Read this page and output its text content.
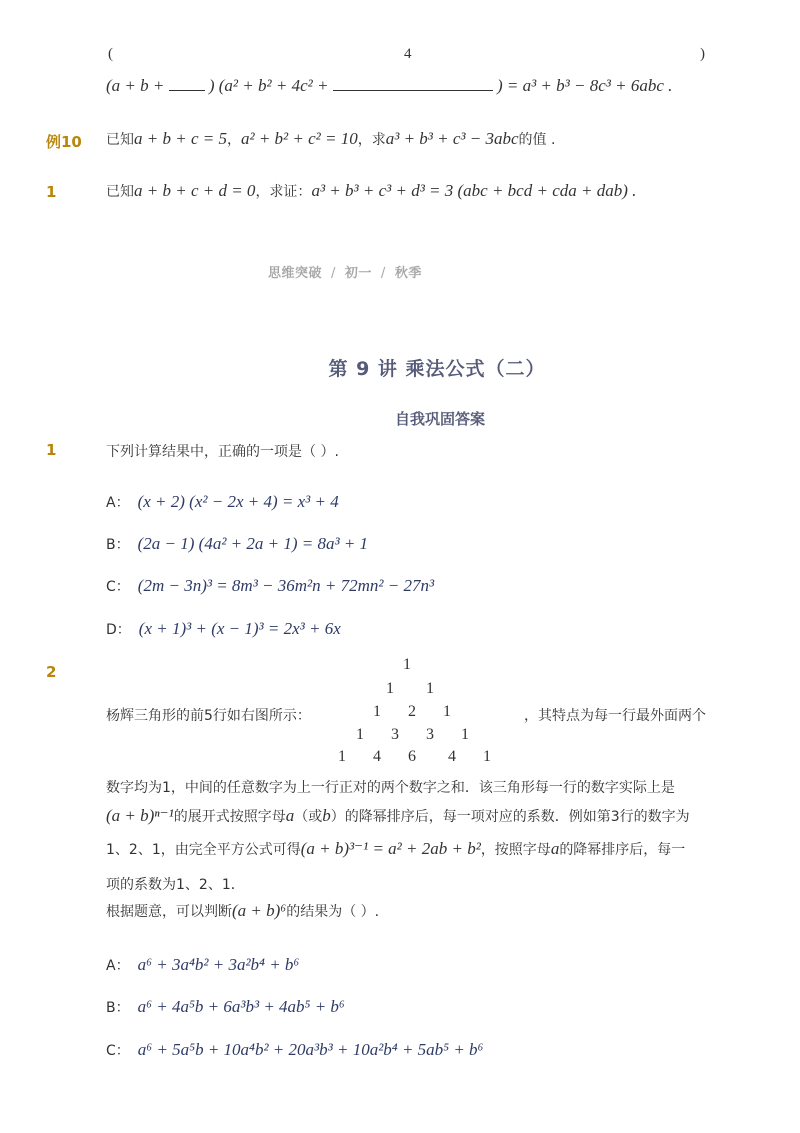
(	4	)
(a + b +	) (a² + b² + 4c² +	) = a³ + b³ − 8c³ + 6abc .
例10 已知a + b + c = 5，a² + b² + c² = 10，求a³ + b³ + c³ − 3abc的值 .
1	已知a + b + c + d = 0，求证：a³ + b³ + c³ + d³ = 3 (abc + bcd + cda + dab) .
思维突破 / 初一 / 秋季
第 9 讲 乘法公式（二）
自我巩固答案
1	下列计算结果中，正确的一项是（ ）.
A： (x + 2) (x² − 2x + 4) = x³ + 4
B： (2a − 1) (4a² + 2a + 1) = 8a³ + 1
C： (2m − 3n)³ = 8m³ − 36m²n + 72mn² − 27n³
D： (x + 1)³ + (x − 1)³ = 2x³ + 6x
2	1
1 1
1 2 1
1 3 3 1
1 4 6 4 1
杨辉三角形的前5行如右图所示：	，其特点为每一行最外面两个
数字均为1，中间的任意数字为上一行正对的两个数字之和．该三角形每一行的数字实际上是
(a + b)ⁿ⁻¹的展开式按照字母a（或b）的降幂排序后，每一项对应的系数．例如第3行的数字为
1、2、1，由完全平方公式可得(a + b)³⁻¹ = a² + 2ab + b²，按照字母a的降幂排序后，每一
项的系数为1、2、1．
根据题意，可以判断(a + b)⁶的结果为（ ）.
A： a⁶ + 3a⁴b² + 3a²b⁴ + b⁶
B： a⁶ + 4a⁵b + 6a³b³ + 4ab⁵ + b⁶
C： a⁶ + 5a⁵b + 10a⁴b² + 20a³b³ + 10a²b⁴ + 5ab⁵ + b⁶
